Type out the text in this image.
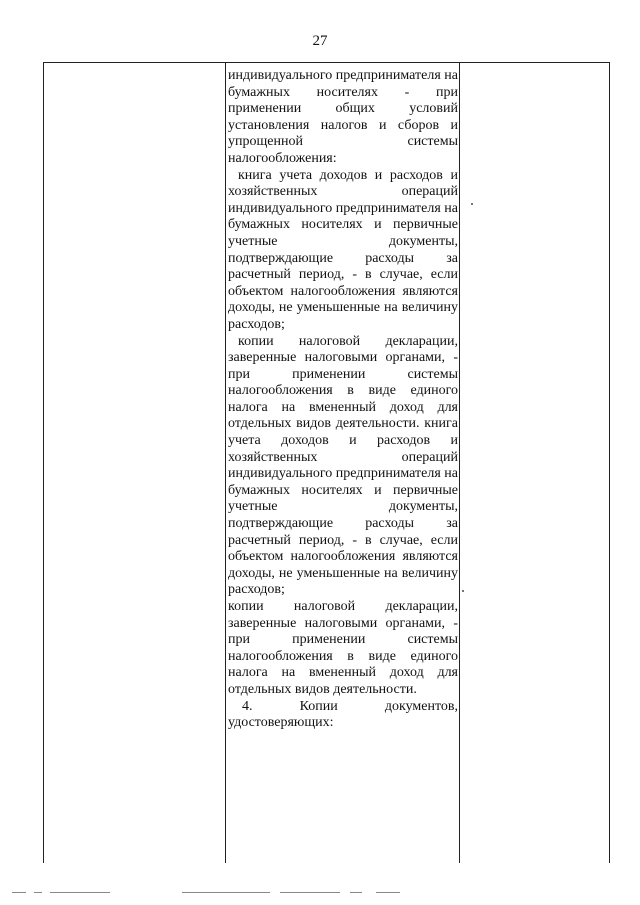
27

индивидуального предпринимателя на бумажных носителях - при применении общих условий установления налогов и сборов и упрощенной системы налогообложения:

книга учета доходов и расходов и хозяйственных операций индивидуального предпринимателя на бумажных носителях и первичные учетные документы, подтверждающие расходы за расчетный период, - в случае, если объектом налогообложения являются доходы, не уменьшенные на величину расходов;

копии налоговой декларации, заверенные налоговыми органами, - при применении системы налогообложения в виде единого налога на вмененный доход для отдельных видов деятельности. книга учета доходов и расходов и хозяйственных операций индивидуального предпринимателя на бумажных носителях и первичные учетные документы, подтверждающие расходы за расчетный период, - в случае, если объектом налогообложения являются доходы, не уменьшенные на величину расходов;

копии налоговой декларации, заверенные налоговыми органами, - при применении системы налогообложения в виде единого налога на вмененный доход для отдельных видов деятельности.

4. Копии документов, удостоверяющих:
